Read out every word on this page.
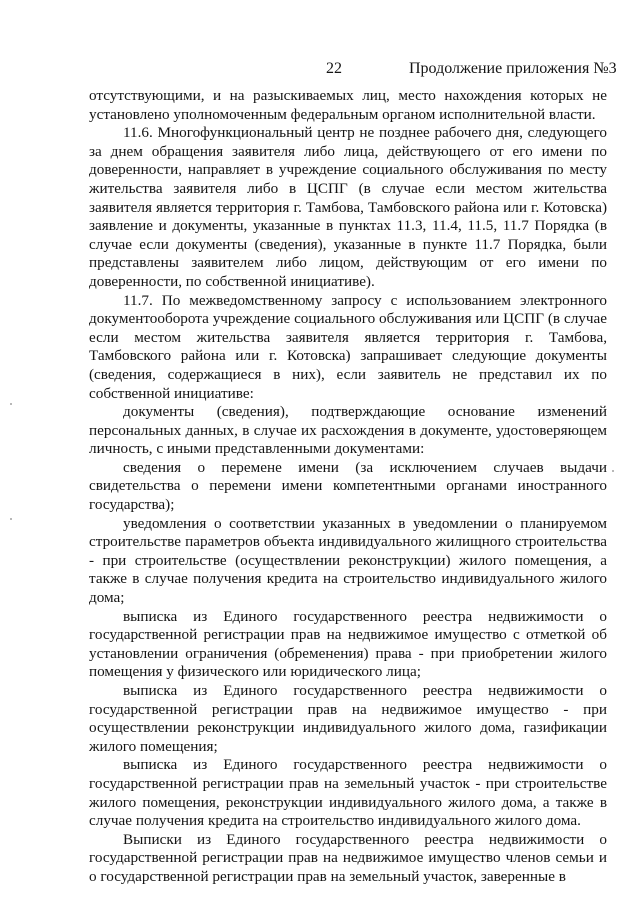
22	Продолжение приложения №3

отсутствующими, и на разыскиваемых лиц, место нахождения которых не установлено уполномоченным федеральным органом исполнительной власти.

11.6. Многофункциональный центр не позднее рабочего дня, следующего за днем обращения заявителя либо лица, действующего от его имени по доверенности, направляет в учреждение социального обслуживания по месту жительства заявителя либо в ЦСПГ (в случае если местом жительства заявителя является территория г. Тамбова, Тамбовского района или г. Котовска) заявление и документы, указанные в пунктах 11.3, 11.4, 11.5, 11.7 Порядка (в случае если документы (сведения), указанные в пункте 11.7 Порядка, были представлены заявителем либо лицом, действующим от его имени по доверенности, по собственной инициативе).

11.7. По межведомственному запросу с использованием электронного документооборота учреждение социального обслуживания или ЦСПГ (в случае если местом жительства заявителя является территория г. Тамбова, Тамбовского района или г. Котовска) запрашивает следующие документы (сведения, содержащиеся в них), если заявитель не представил их по собственной инициативе:

документы (сведения), подтверждающие основание изменений персональных данных, в случае их расхождения в документе, удостоверяющем личность, с иными представленными документами:

сведения о перемене имени (за исключением случаев выдачи свидетельства о перемени имени компетентными органами иностранного государства);

уведомления о соответствии указанных в уведомлении о планируемом строительстве параметров объекта индивидуального жилищного строительства - при строительстве (осуществлении реконструкции) жилого помещения, а также в случае получения кредита на строительство индивидуального жилого дома;

выписка из Единого государственного реестра недвижимости о государственной регистрации прав на недвижимое имущество с отметкой об установлении ограничения (обременения) права - при приобретении жилого помещения у физического или юридического лица;

выписка из Единого государственного реестра недвижимости о государственной регистрации прав на недвижимое имущество - при осуществлении реконструкции индивидуального жилого дома, газификации жилого помещения;

выписка из Единого государственного реестра недвижимости о государственной регистрации прав на земельный участок - при строительстве жилого помещения, реконструкции индивидуального жилого дома, а также в случае получения кредита на строительство индивидуального жилого дома.

Выписки из Единого государственного реестра недвижимости о государственной регистрации прав на недвижимое имущество членов семьи и о государственной регистрации прав на земельный участок, заверенные в
